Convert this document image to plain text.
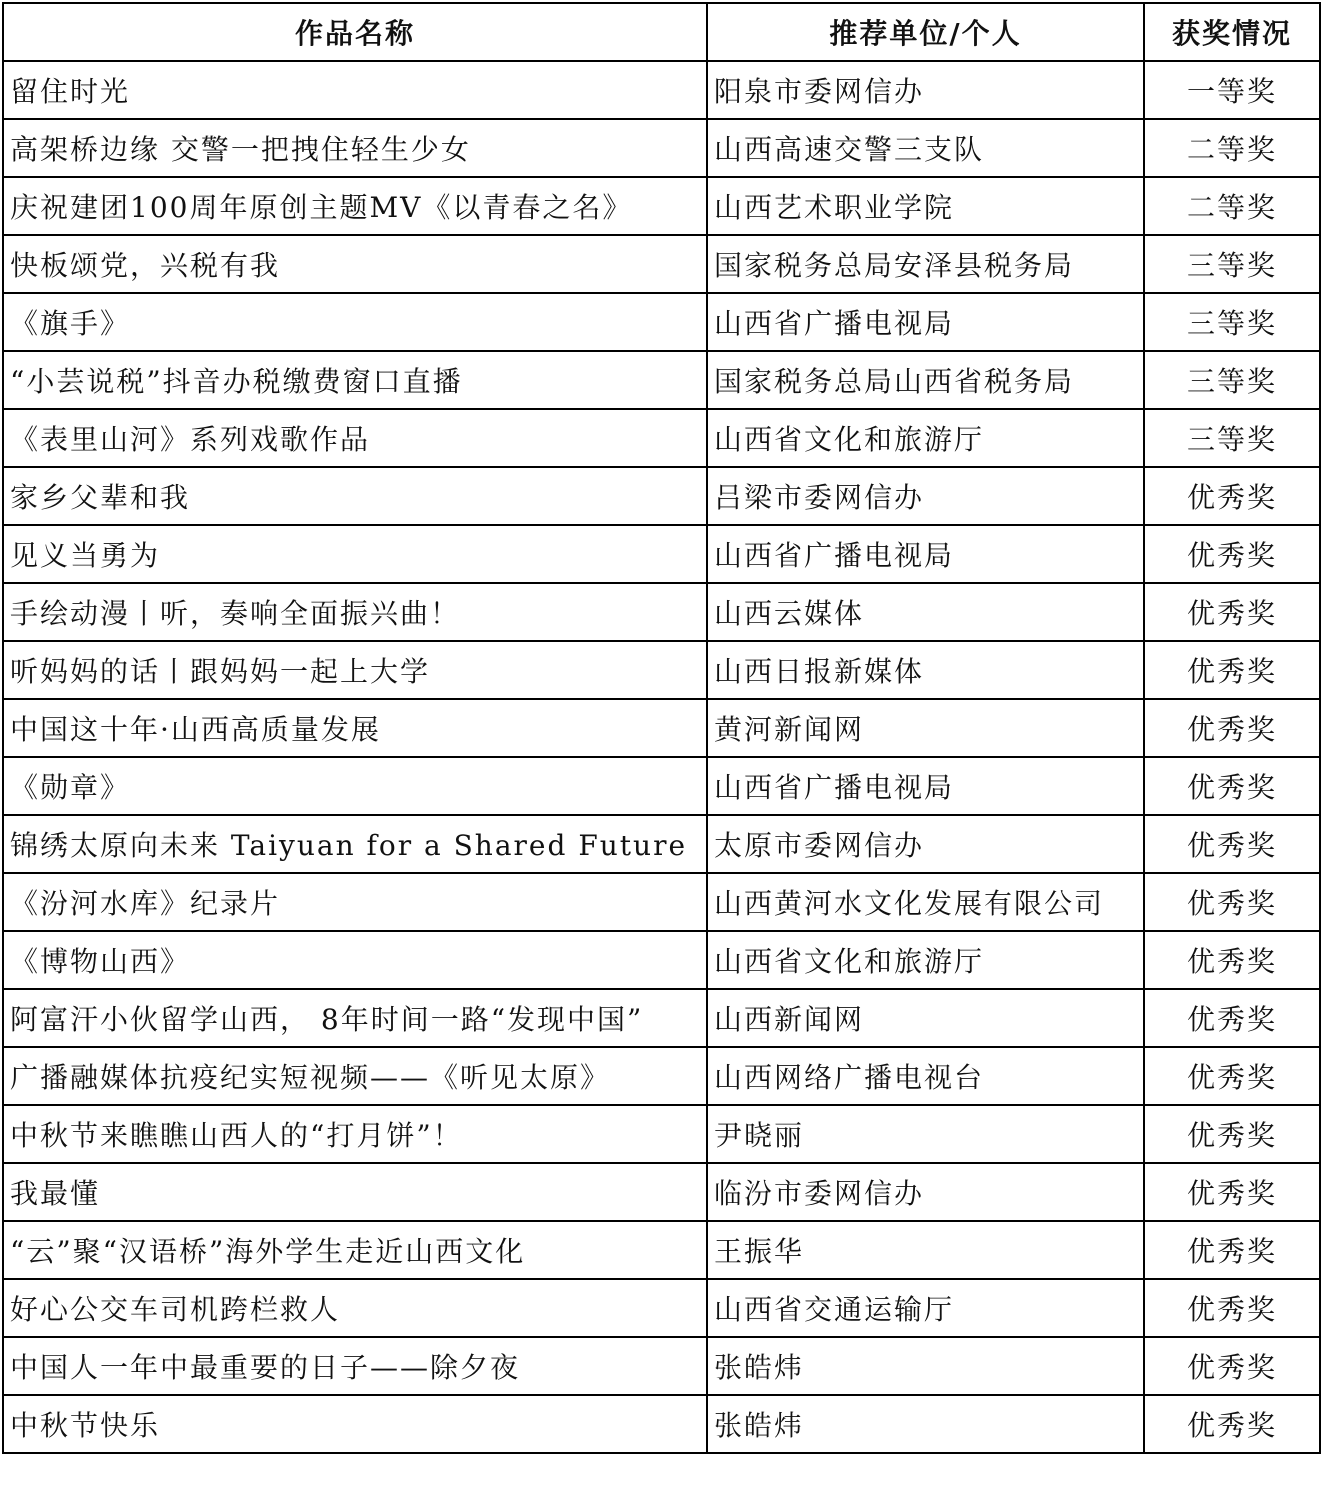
作品名称	推荐单位/个人	获奖情况
留住时光	阳泉市委网信办	一等奖
高架桥边缘 交警一把拽住轻生少女	山西高速交警三支队	二等奖
庆祝建团100周年原创主题MV《以青春之名》	山西艺术职业学院	二等奖
快板颂党，兴税有我	国家税务总局安泽县税务局	三等奖
《旗手》	山西省广播电视局	三等奖
“小芸说税”抖音办税缴费窗口直播	国家税务总局山西省税务局	三等奖
《表里山河》系列戏歌作品	山西省文化和旅游厅	三等奖
家乡父辈和我	吕梁市委网信办	优秀奖
见义当勇为	山西省广播电视局	优秀奖
手绘动漫丨听，奏响全面振兴曲！	山西云媒体	优秀奖
听妈妈的话丨跟妈妈一起上大学	山西日报新媒体	优秀奖
中国这十年·山西高质量发展	黄河新闻网	优秀奖
《勋章》	山西省广播电视局	优秀奖
锦绣太原向未来 Taiyuan for a Shared Future	太原市委网信办	优秀奖
《汾河水库》纪录片	山西黄河水文化发展有限公司	优秀奖
《博物山西》	山西省文化和旅游厅	优秀奖
阿富汗小伙留学山西， 8年时间一路“发现中国”	山西新闻网	优秀奖
广播融媒体抗疫纪实短视频——《听见太原》	山西网络广播电视台	优秀奖
中秋节来瞧瞧山西人的“打月饼”！	尹晓丽	优秀奖
我最懂	临汾市委网信办	优秀奖
“云”聚“汉语桥”海外学生走近山西文化	王振华	优秀奖
好心公交车司机跨栏救人	山西省交通运输厅	优秀奖
中国人一年中最重要的日子——除夕夜	张皓炜	优秀奖
中秋节快乐	张皓炜	优秀奖
